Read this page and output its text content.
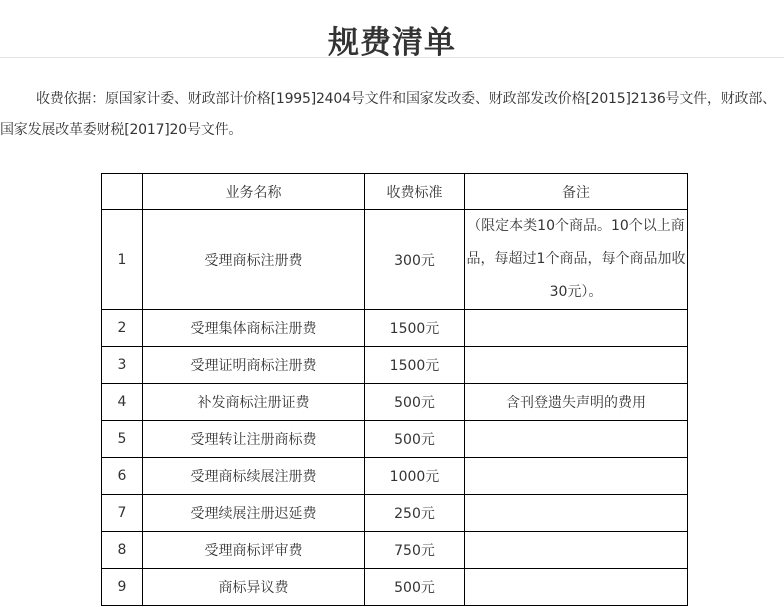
规费清单

收费依据：原国家计委、财政部计价格[1995]2404号文件和国家发改委、财政部发改价格[2015]2136号文件，财政部、国家发展改革委财税[2017]20号文件。

	业务名称	收费标准	备注
1	受理商标注册费	300元	（限定本类10个商品。10个以上商品，每超过1个商品，每个商品加收30元）。
2	受理集体商标注册费	1500元	
3	受理证明商标注册费	1500元	
4	补发商标注册证费	500元	含刊登遗失声明的费用
5	受理转让注册商标费	500元	
6	受理商标续展注册费	1000元	
7	受理续展注册迟延费	250元	
8	受理商标评审费	750元	
9	商标异议费	500元	
